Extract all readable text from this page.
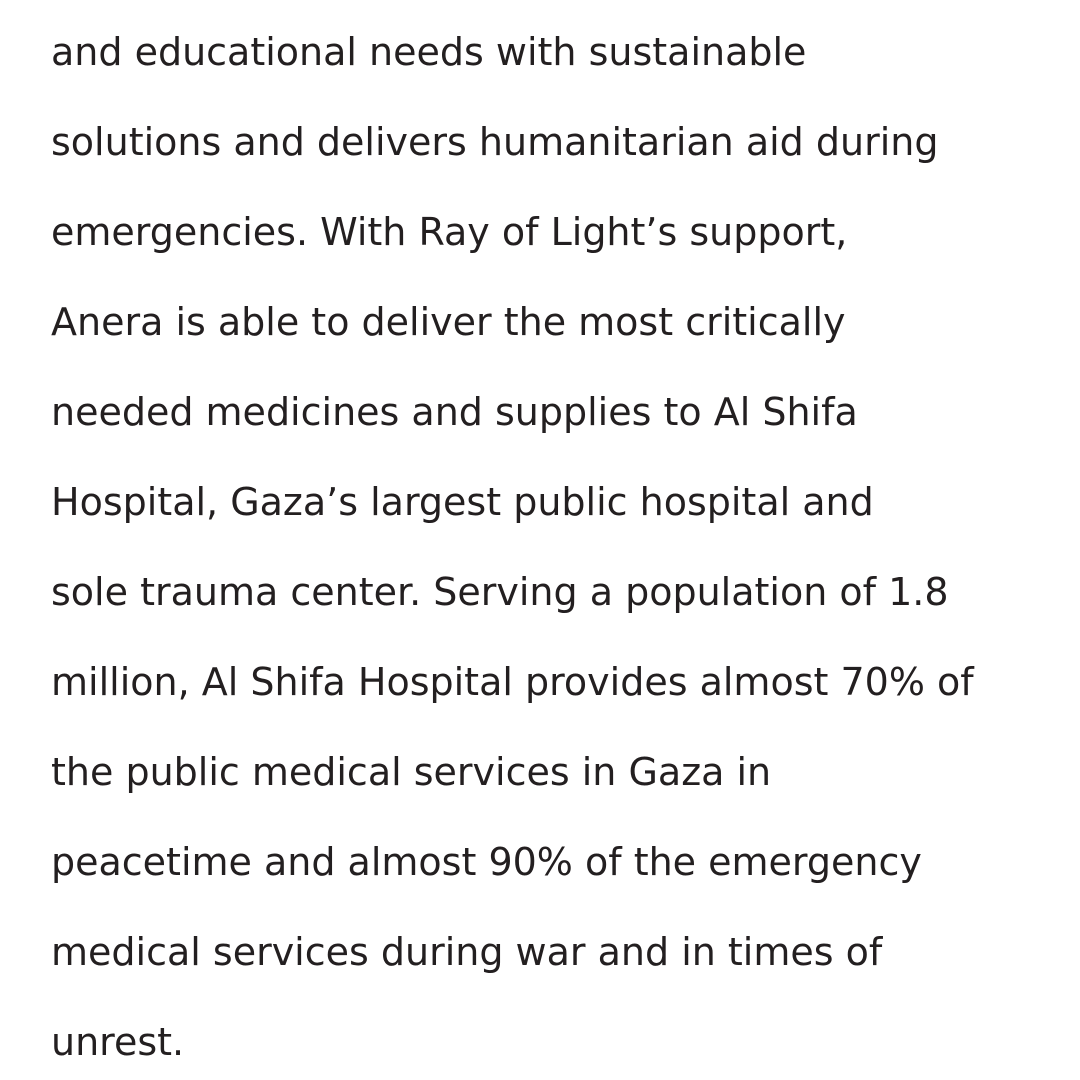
and educational needs with sustainable
solutions and delivers humanitarian aid during
emergencies. With Ray of Light’s support,
Anera is able to deliver the most critically
needed medicines and supplies to Al Shifa
Hospital, Gaza’s largest public hospital and
sole trauma center. Serving a population of 1.8
million, Al Shifa Hospital provides almost 70% of
the public medical services in Gaza in
peacetime and almost 90% of the emergency
medical services during war and in times of
unrest.
